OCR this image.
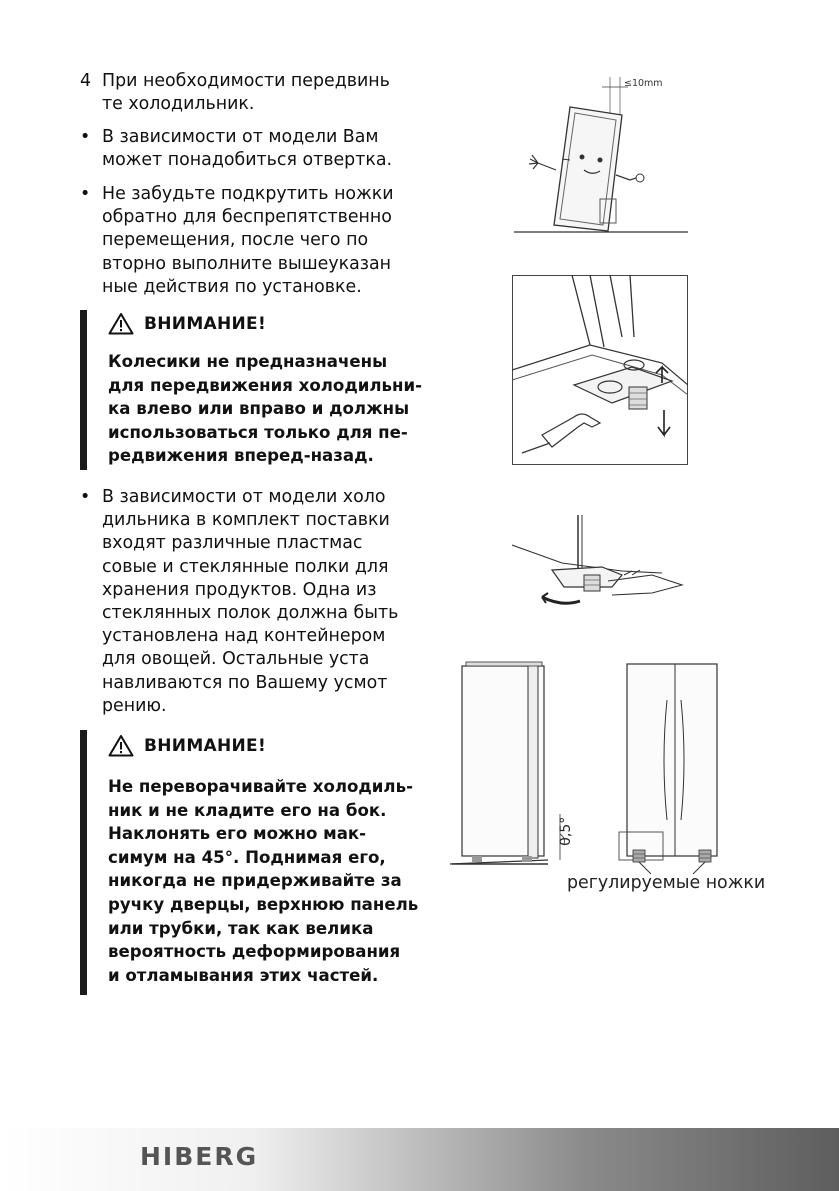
4 При необходимости передвинь
те холодильник.
• В зависимости от модели Вам
может понадобиться отвертка.
• Не забудьте подкрутить ножки
обратно для беспрепятственно
перемещения, после чего по
вторно выполните вышеуказан
ные действия по установке.
ВНИМАНИЕ!
Колесики не предназначены
для передвижения холодильни-
ка влево или вправо и должны
использоваться только для пе-
редвижения вперед-назад.
• В зависимости от модели холо
дильника в комплект поставки
входят различные пластмас
совые и стеклянные полки для
хранения продуктов. Одна из
стеклянных полок должна быть
установлена над контейнером
для овощей. Остальные уста
навливаются по Вашему усмот
рению.
ВНИМАНИЕ!
Не переворачивайте холодиль-
ник и не кладите его на бок.
Наклонять его можно мак-
симум на 45°. Поднимая его,
никогда не придерживайте за
ручку дверцы, верхнюю панель
или трубки, так как велика
вероятность деформирования
и отламывания этих частей.
≤10mm
0,5°
регулируемые ножки
HIBERG
